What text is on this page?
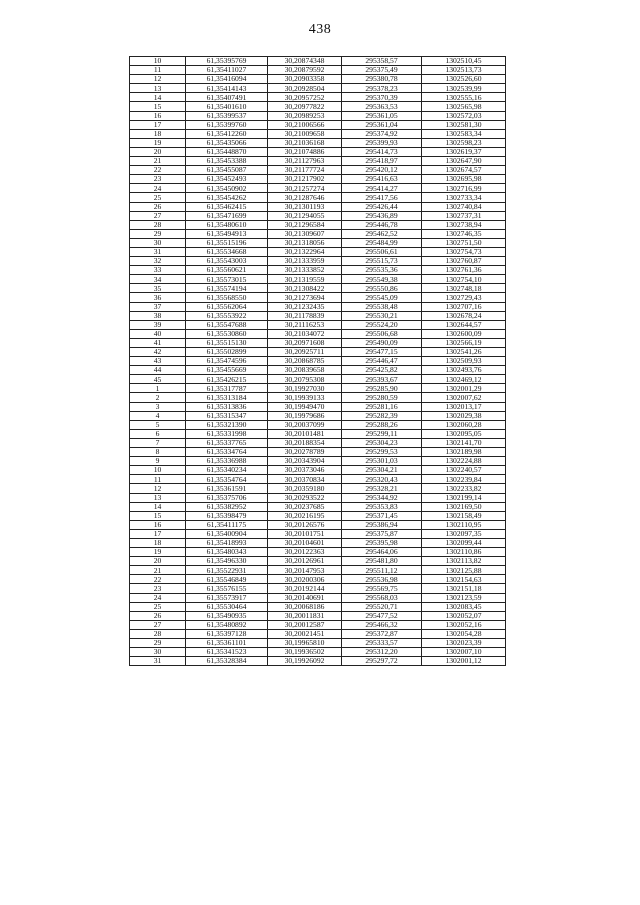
438
10	61,35395769	30,20874348	295358,57	1302510,45
11	61,35411027	30,20879592	295375,49	1302513,73
12	61,35416094	30,20903358	295380,78	1302526,60
13	61,35414143	30,20928504	295378,23	1302539,99
14	61,35407491	30,20957252	295370,39	1302555,16
15	61,35401610	30,20977822	295363,53	1302565,98
16	61,35399537	30,20989253	295361,05	1302572,03
17	61,35399760	30,21006566	295361,04	1302581,30
18	61,35412260	30,21009658	295374,92	1302583,34
19	61,35435066	30,21036168	295399,93	1302598,23
20	61,35448870	30,21074886	295414,73	1302619,37
21	61,35453388	30,21127963	295418,97	1302647,90
22	61,35455087	30,21177724	295420,12	1302674,57
23	61,35452493	30,21217902	295416,63	1302695,98
24	61,35450902	30,21257274	295414,27	1302716,99
25	61,35454262	30,21287646	295417,56	1302733,34
26	61,35462415	30,21301193	295426,44	1302740,84
27	61,35471699	30,21294055	295436,89	1302737,31
28	61,35480610	30,21296584	295446,78	1302738,94
29	61,35494913	30,21309607	295462,52	1302746,35
30	61,35515196	30,21318056	295484,99	1302751,50
31	61,35534668	30,21322964	295506,61	1302754,73
32	61,35543003	30,21333959	295515,73	1302760,87
33	61,35560621	30,21333852	295535,36	1302761,36
34	61,35573015	30,21319559	295549,38	1302754,10
35	61,35574194	30,21308422	295550,86	1302748,18
36	61,35568550	30,21273694	295545,09	1302729,43
37	61,35562064	30,21232435	295538,48	1302707,16
38	61,35553922	30,21178839	295530,21	1302678,24
39	61,35547688	30,21116253	295524,20	1302644,57
40	61,35530860	30,21034072	295506,68	1302600,09
41	61,35515130	30,20971608	295490,09	1302566,19
42	61,35502899	30,20925711	295477,15	1302541,26
43	61,35474596	30,20868785	295446,47	1302509,93
44	61,35455669	30,20839658	295425,82	1302493,76
45	61,35426215	30,20795308	295393,67	1302469,12
1	61,35317787	30,19927030	295285,90	1302001,29
2	61,35313184	30,19939133	295280,59	1302007,62
3	61,35313836	30,19949470	295281,16	1302013,17
4	61,35315347	30,19979686	295282,39	1302029,38
5	61,35321390	30,20037099	295288,26	1302060,28
6	61,35331998	30,20101481	295299,11	1302095,05
7	61,35337765	30,20188354	295304,23	1302141,70
8	61,35334764	30,20278789	295299,53	1302189,98
9	61,35336988	30,20343904	295301,03	1302224,88
10	61,35340234	30,20373046	295304,21	1302240,57
11	61,35354764	30,20370834	295320,43	1302239,84
12	61,35361591	30,20359180	295328,21	1302233,82
13	61,35375706	30,20293522	295344,92	1302199,14
14	61,35382952	30,20237685	295353,83	1302169,50
15	61,35398479	30,20216195	295371,45	1302158,49
16	61,35411175	30,20126576	295386,94	1302110,95
17	61,35400904	30,20101751	295375,87	1302097,35
18	61,35418993	30,20104601	295395,98	1302099,44
19	61,35480343	30,20122363	295464,06	1302110,86
20	61,35496330	30,20126961	295481,80	1302113,82
21	61,35522931	30,20147953	295511,12	1302125,88
22	61,35546849	30,20200306	295536,98	1302154,63
23	61,35576155	30,20192144	295569,75	1302151,18
24	61,35573917	30,20140691	295568,03	1302123,59
25	61,35530464	30,20068186	295520,71	1302083,45
26	61,35490935	30,20011831	295477,52	1302052,07
27	61,35480892	30,20012587	295466,32	1302052,16
28	61,35397128	30,20021451	295372,87	1302054,28
29	61,35361101	30,19965810	295333,57	1302023,39
30	61,35341523	30,19936502	295312,20	1302007,10
31	61,35328384	30,19926092	295297,72	1302001,12
